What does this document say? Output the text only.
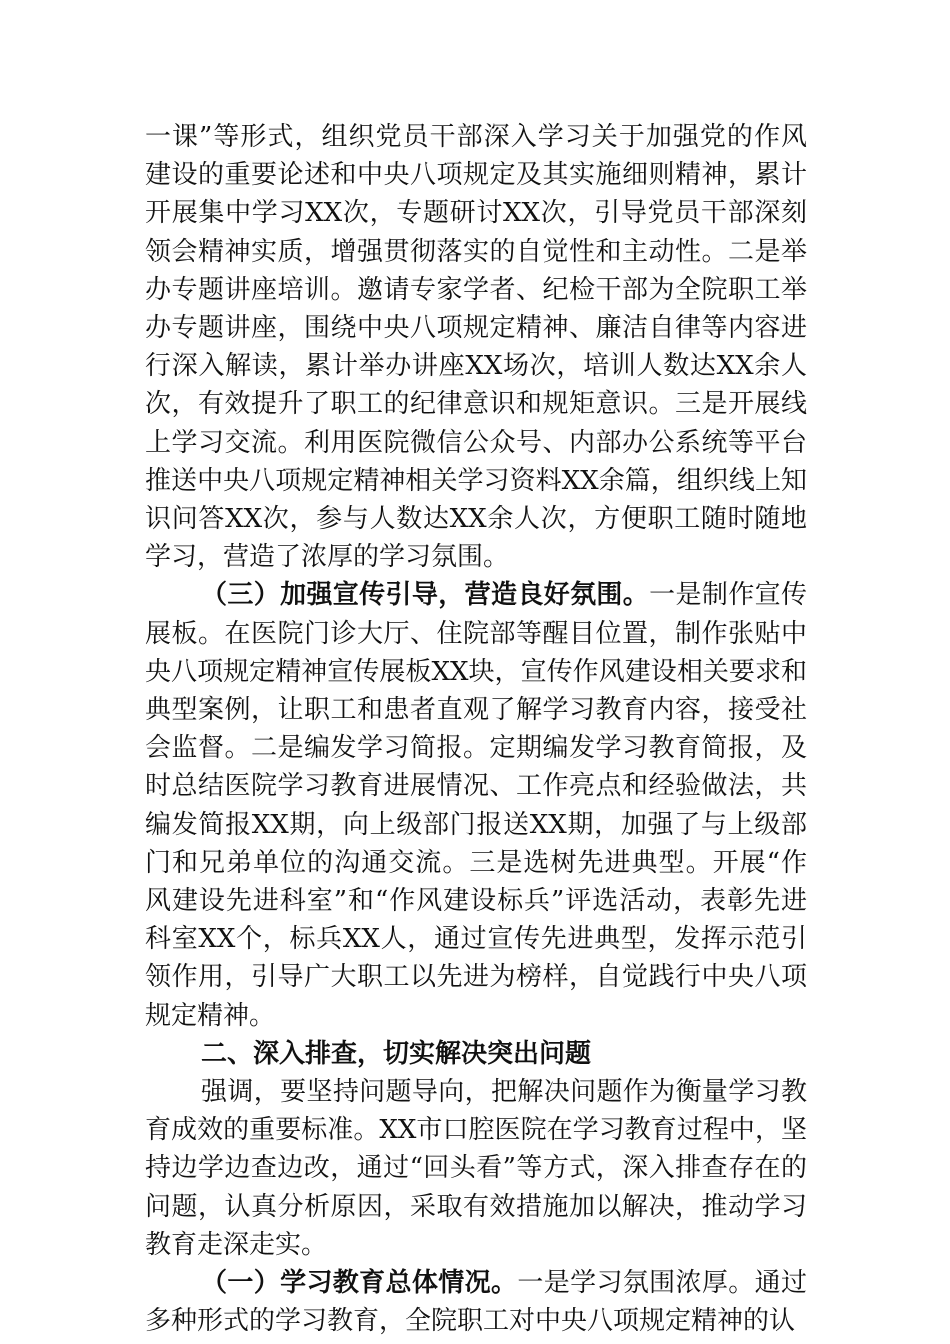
一课”等形式，组织党员干部深入学习关于加强党的作风建设的重要论述和中央八项规定及其实施细则精神，累计开展集中学习XX次，专题研讨XX次，引导党员干部深刻领会精神实质，增强贯彻落实的自觉性和主动性。二是举办专题讲座培训。邀请专家学者、纪检干部为全院职工举办专题讲座，围绕中央八项规定精神、廉洁自律等内容进行深入解读，累计举办讲座XX场次，培训人数达XX余人次，有效提升了职工的纪律意识和规矩意识。三是开展线上学习交流。利用医院微信公众号、内部办公系统等平台推送中央八项规定精神相关学习资料XX余篇，组织线上知识问答XX次，参与人数达XX余人次，方便职工随时随地学习，营造了浓厚的学习氛围。

（三）加强宣传引导，营造良好氛围。一是制作宣传展板。在医院门诊大厅、住院部等醒目位置，制作张贴中央八项规定精神宣传展板XX块，宣传作风建设相关要求和典型案例，让职工和患者直观了解学习教育内容，接受社会监督。二是编发学习简报。定期编发学习教育简报，及时总结医院学习教育进展情况、工作亮点和经验做法，共编发简报XX期，向上级部门报送XX期，加强了与上级部门和兄弟单位的沟通交流。三是选树先进典型。开展“作风建设先进科室”和“作风建设标兵”评选活动，表彰先进科室XX个，标兵XX人，通过宣传先进典型，发挥示范引领作用，引导广大职工以先进为榜样，自觉践行中央八项规定精神。

二、深入排查，切实解决突出问题

强调，要坚持问题导向，把解决问题作为衡量学习教育成效的重要标准。XX市口腔医院在学习教育过程中，坚持边学边查边改，通过“回头看”等方式，深入排查存在的问题，认真分析原因，采取有效措施加以解决，推动学习教育走深走实。

（一）学习教育总体情况。一是学习氛围浓厚。通过多种形式的学习教育，全院职工对中央八项规定精神的认
